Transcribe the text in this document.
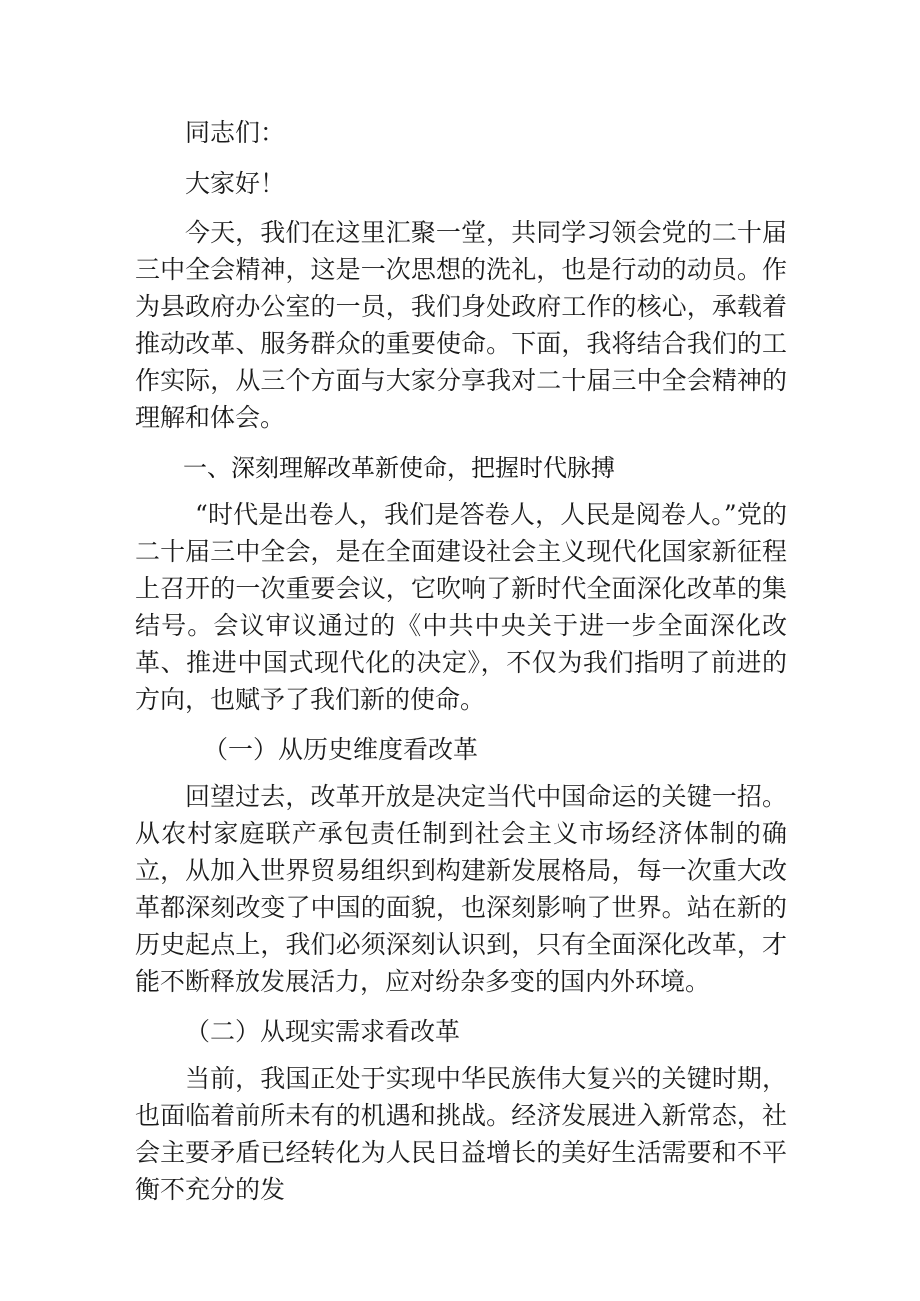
同志们：

大家好！

今天，我们在这里汇聚一堂，共同学习领会党的二十届三中全会精神，这是一次思想的洗礼，也是行动的动员。作为县政府办公室的一员，我们身处政府工作的核心，承载着推动改革、服务群众的重要使命。下面，我将结合我们的工作实际，从三个方面与大家分享我对二十届三中全会精神的理解和体会。

一、深刻理解改革新使命，把握时代脉搏

“时代是出卷人，我们是答卷人，人民是阅卷人。”党的二十届三中全会，是在全面建设社会主义现代化国家新征程上召开的一次重要会议，它吹响了新时代全面深化改革的集结号。会议审议通过的《中共中央关于进一步全面深化改革、推进中国式现代化的决定》，不仅为我们指明了前进的方向，也赋予了我们新的使命。

（一）从历史维度看改革

回望过去，改革开放是决定当代中国命运的关键一招。从农村家庭联产承包责任制到社会主义市场经济体制的确立，从加入世界贸易组织到构建新发展格局，每一次重大改革都深刻改变了中国的面貌，也深刻影响了世界。站在新的历史起点上，我们必须深刻认识到，只有全面深化改革，才能不断释放发展活力，应对纷杂多变的国内外环境。

（二）从现实需求看改革

当前，我国正处于实现中华民族伟大复兴的关键时期，也面临着前所未有的机遇和挑战。经济发展进入新常态，社会主要矛盾已经转化为人民日益增长的美好生活需要和不平衡不充分的发
